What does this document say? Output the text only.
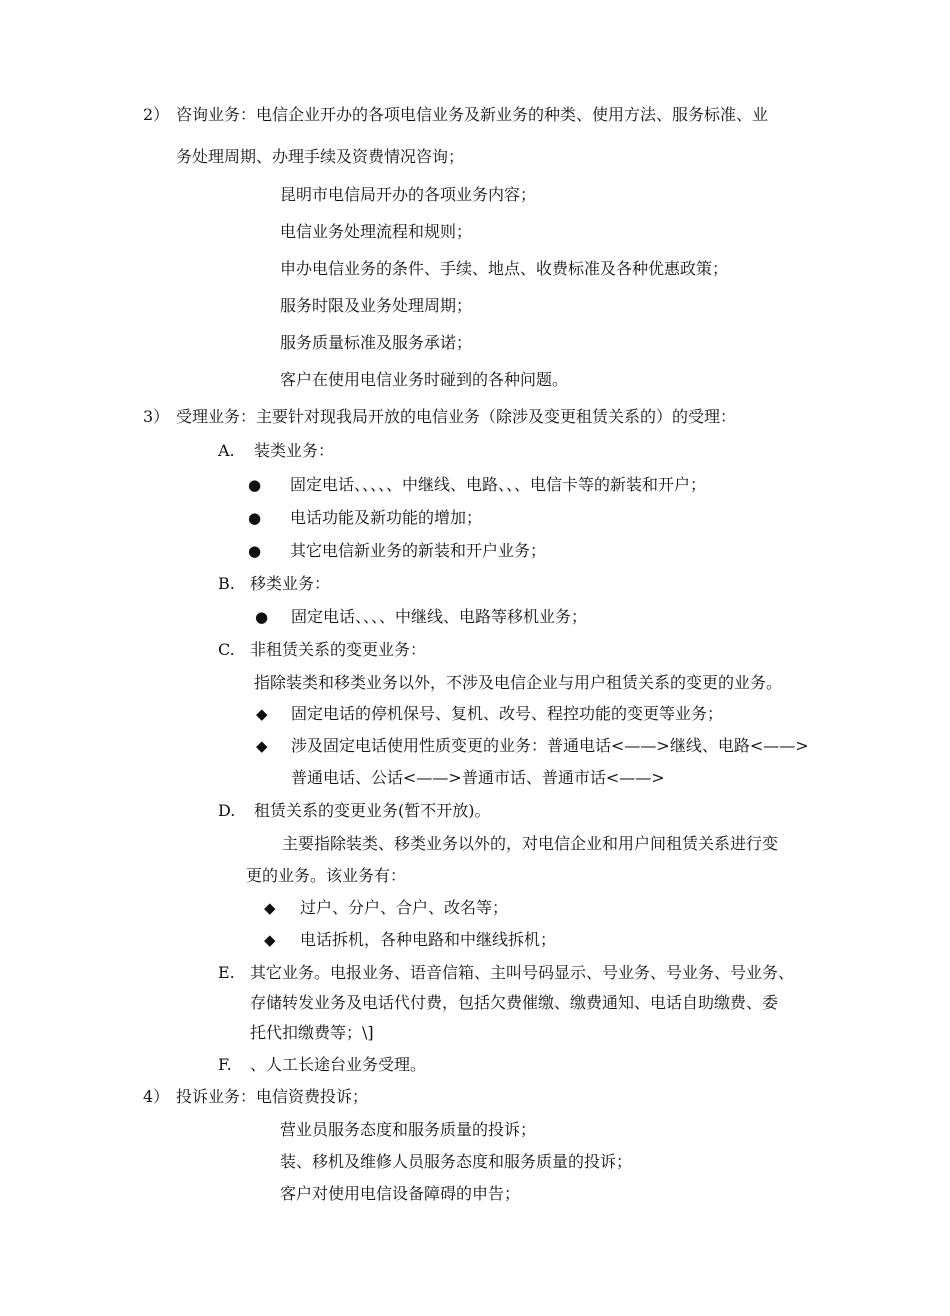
2） 咨询业务：电信企业开办的各项电信业务及新业务的种类、使用方法、服务标准、业
务处理周期、办理手续及资费情况咨询；
昆明市电信局开办的各项业务内容；
电信业务处理流程和规则；
申办电信业务的条件、手续、地点、收费标准及各种优惠政策；
服务时限及业务处理周期；
服务质量标准及服务承诺；
客户在使用电信业务时碰到的各种问题。
3） 受理业务：主要针对现我局开放的电信业务（除涉及变更租赁关系的）的受理：
A. 装类业务：
● 固定电话、、、、、中继线、电路、、、电信卡等的新装和开户；
● 电话功能及新功能的增加；
● 其它电信新业务的新装和开户业务；
B. 移类业务：
● 固定电话、、、、中继线、电路等移机业务；
C. 非租赁关系的变更业务：
指除装类和移类业务以外，不涉及电信企业与用户租赁关系的变更的业务。
◆ 固定电话的停机保号、复机、改号、程控功能的变更等业务；
◆ 涉及固定电话使用性质变更的业务：普通电话<——>继线、电路<——>
普通电话、公话<——>普通市话、普通市话<——>
D. 租赁关系的变更业务(暂不开放)。
主要指除装类、移类业务以外的，对电信企业和用户间租赁关系进行变
更的业务。该业务有：
◆ 过户、分户、合户、改名等；
◆ 电话拆机，各种电路和中继线拆机；
E. 其它业务。电报业务、语音信箱、主叫号码显示、号业务、号业务、号业务、
存储转发业务及电话代付费，包括欠费催缴、缴费通知、电话自助缴费、委
托代扣缴费等；\]
F. 、人工长途台业务受理。
4） 投诉业务：电信资费投诉；
营业员服务态度和服务质量的投诉；
装、移机及维修人员服务态度和服务质量的投诉；
客户对使用电信设备障碍的申告；
